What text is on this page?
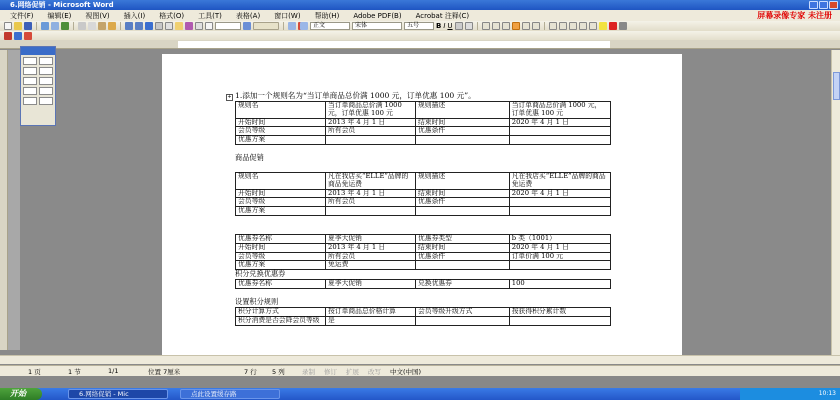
6.网络促销 - Microsoft Word
文件(F) 编辑(E) 视图(V) 插入(I) 格式(O) 工具(T) 表格(A) 窗口(W) 帮助(H) Adobe PDF(B) Acrobat 注释(C)	屏幕录像专家 未注册
正文	宋体	五号	B I U
+ 1.添加一个规则名为“当订单商品总价满 1000 元，订单优惠 100 元”。
规则名	当订单商品总价满 1000 元，订单优惠 100 元	规则描述	当订单商品总价满 1000 元，订单优惠 100 元
开始时间	2013 年 4 月 1 日	结束时间	2020 年 4 月 1 日
会员等级	所有会员	优惠条件	
优惠方案			
商品促销
规则名	凡在我店买“ELLE”品牌的商品免运费	规则描述	凡在我店买“ELLE”品牌的商品免运费
开始时间	2013 年 4 月 1 日	结束时间	2020 年 4 月 1 日
会员等级	所有会员	优惠条件	
优惠方案			
优惠券名称	夏季大促销	优惠券类型	b 类（1001）
开始时间	2013 年 4 月 1 日	结束时间	2020 年 4 月 1 日
会员等级	所有会员	优惠条件	订单价满 100 元
优惠方案	免运费		
积分兑换优惠券
优惠券名称	夏季大促销	兑换优惠券	100
设置积分规则
积分计算方式	按订单商品总价格计算	会员等级升级方式	按获得积分累计数
积分消费是否会降会员等级	是		
1 页	1 节	1/1	位置 7厘米	7 行	5 列	录制	修订	扩展	改写	中文(中国)
开始	6.网络促销 - Mic	点此设置缓存路	10:13
